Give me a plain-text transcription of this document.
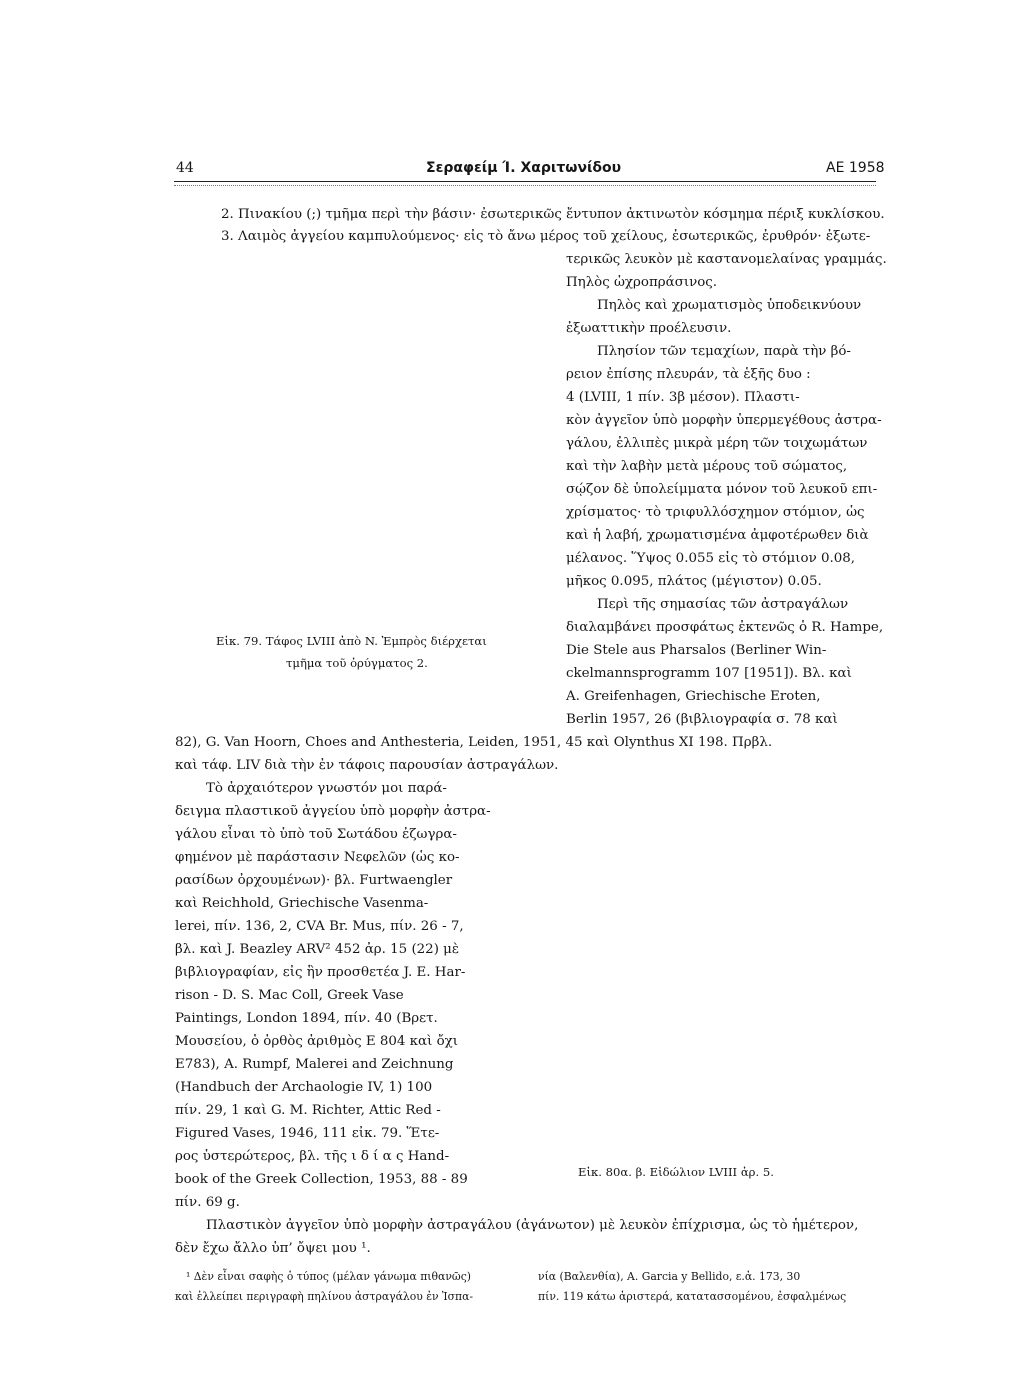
44	Σεραφείμ Ί. Χαριτωνίδου	ΑΕ 1958
2. Πινακίου (;) τμῆμα περὶ τὴν βάσιν· ἐσωτερικῶς ἔντυπον ἀκτινωτὸν κόσμημα πέριξ κυκλίσκου.
3. Λαιμὸς ἀγγείου καμπυλούμενος· εἰς τὸ ἄνω μέρος τοῦ χείλους, ἐσωτερικῶς, ἐρυθρόν· ἐξωτε-
τερικῶς λευκὸν μὲ καστανομελαίνας γραμμάς.
Πηλὸς ὠχροπράσινος.
Πηλὸς καὶ χρωματισμὸς ὑποδεικνύουν
ἐξωαττικὴν προέλευσιν.
Πλησίον τῶν τεμαχίων, παρὰ τὴν βό-
ρειον ἐπίσης πλευράν, τὰ ἑξῆς δυο :
4 (LVIII, 1 πίν. 3β μέσον). Πλαστι-
κὸν ἀγγεῖον ὑπὸ μορφὴν ὑπερμεγέθους ἀστρα-
γάλου, ἐλλιπὲς μικρὰ μέρη τῶν τοιχωμάτων
καὶ τὴν λαβὴν μετὰ μέρους τοῦ σώματος,
σῴζον δὲ ὑπολείμματα μόνον τοῦ λευκοῦ επι-
χρίσματος· τὸ τριφυλλόσχημον στόμιον, ὡς
καὶ ἡ λαβή, χρωματισμένα ἀμφοτέρωθεν διὰ
μέλανος. Ὕψος 0.055 εἰς τὸ στόμιον 0.08,
μῆκος 0.095, πλάτος (μέγιστον) 0.05.
Περὶ τῆς σημασίας τῶν ἀστραγάλων
διαλαμβάνει προσφάτως ἐκτενῶς ὁ R. Hampe,
Die Stele aus Pharsalos (Berliner Win-
ckelmannsprogramm 107 [1951]). Βλ. καὶ
A. Greifenhagen, Griechische Eroten,
Berlin 1957, 26 (βιβλιογραφία σ. 78 καὶ
Εἰκ. 79. Τάφος LVIII ἀπὸ N. Ἐμπρὸς διέρχεται
τμῆμα τοῦ ὀρύγματος 2.
82), G. Van Hoorn, Choes and Anthesteria, Leiden, 1951, 45 καὶ Olynthus XI 198. Πρβλ.
καὶ τάφ. LIV διὰ τὴν ἐν τάφοις παρουσίαν ἀστραγάλων.
Τὸ ἀρχαιότερον γνωστόν μοι παρά-
δειγμα πλαστικοῦ ἀγγείου ὑπὸ μορφὴν ἀστρα-
γάλου εἶναι τὸ ὑπὸ τοῦ Σωτάδου ἐζωγρα-
φημένον μὲ παράστασιν Νεφελῶν (ὡς κο-
ρασίδων ὀρχουμένων)· βλ. Furtwaengler
καὶ Reichhold, Griechische Vasenma-
lerei, πίν. 136, 2, CVA Br. Mus, πίν. 26 - 7,
βλ. καὶ J. Beazley ARV² 452 ἀρ. 15 (22) μὲ
βιβλιογραφίαν, εἰς ἣν προσθετέα J. E. Har-
rison - D. S. Mac Coll, Greek Vase
Paintings, London 1894, πίν. 40 (Βρετ.
Μουσείου, ὁ ὀρθὸς ἀριθμὸς E 804 καὶ ὄχι
E783), A. Rumpf, Malerei and Zeichnung
(Handbuch der Archaologie IV, 1) 100
πίν. 29, 1 καὶ G. M. Richter, Attic Red -
Figured Vases, 1946, 111 εἰκ. 79. Ἕτε-
ρος ὑστερώτερος, βλ. τῆς ι δ ί α ς Hand-
book of the Greek Collection, 1953, 88 - 89
πίν. 69 g.
Εἰκ. 80α. β. Εἰδώλιον LVIII ἀρ. 5.
Πλαστικὸν ἀγγεῖον ὑπὸ μορφὴν ἀστραγάλου (ἀγάνωτον) μὲ λευκὸν ἐπίχρισμα, ὡς τὸ ἡμέτερον,
δὲν ἔχω ἄλλο ὑπ’ ὄψει μου ¹.
¹ Δὲν εἶναι σαφὴς ὁ τύπος (μέλαν γάνωμα πιθανῶς)
καὶ ἐλλείπει περιγραφὴ πηλίνου ἀστραγάλου ἐν Ἰσπα-
νία (Βαλενθία), A. Garcia y Bellido, ε.ἀ. 173, 30
πίν. 119 κάτω ἀριστερά, κατατασσομένου, ἐσφαλμένως
